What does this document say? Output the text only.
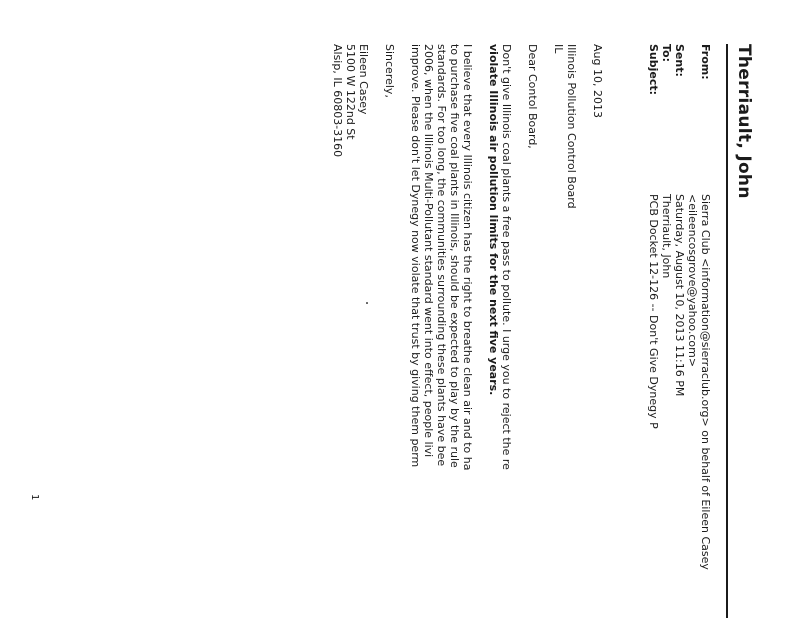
Therriault, John
From:
Sierra Club <information@sierraclub.org> on behalf of Eileen Casey
<eileencosgrove@yahoo.com>
Sent:
Saturday, August 10, 2013 11:16 PM
To:
Therriault, John
Subject:
PCB Docket 12-126 -- Don't Give Dynegy P
Aug 10, 2013
Illinois Pollution Control Board
IL
Dear Contol Board,
Don't give Illinois coal plants a free pass to pollute. I urge you to reject the re
violate Illinois air pollution limits for the next five years.
I believe that every Illinois citizen has the right to breathe clean air and to ha
to purchase five coal plants in Illinois, should be expected to play by the rule
standards. For too long, the communities surrounding these plants have bee
2006, when the Illinois Multi-Pollutant standard went into effect, people livi
improve. Please don't let Dynegy now violate that trust by giving them perm
Sincerely,
Eileen Casey
5100 W 122nd St
Alsip, IL 60803-3160
1
